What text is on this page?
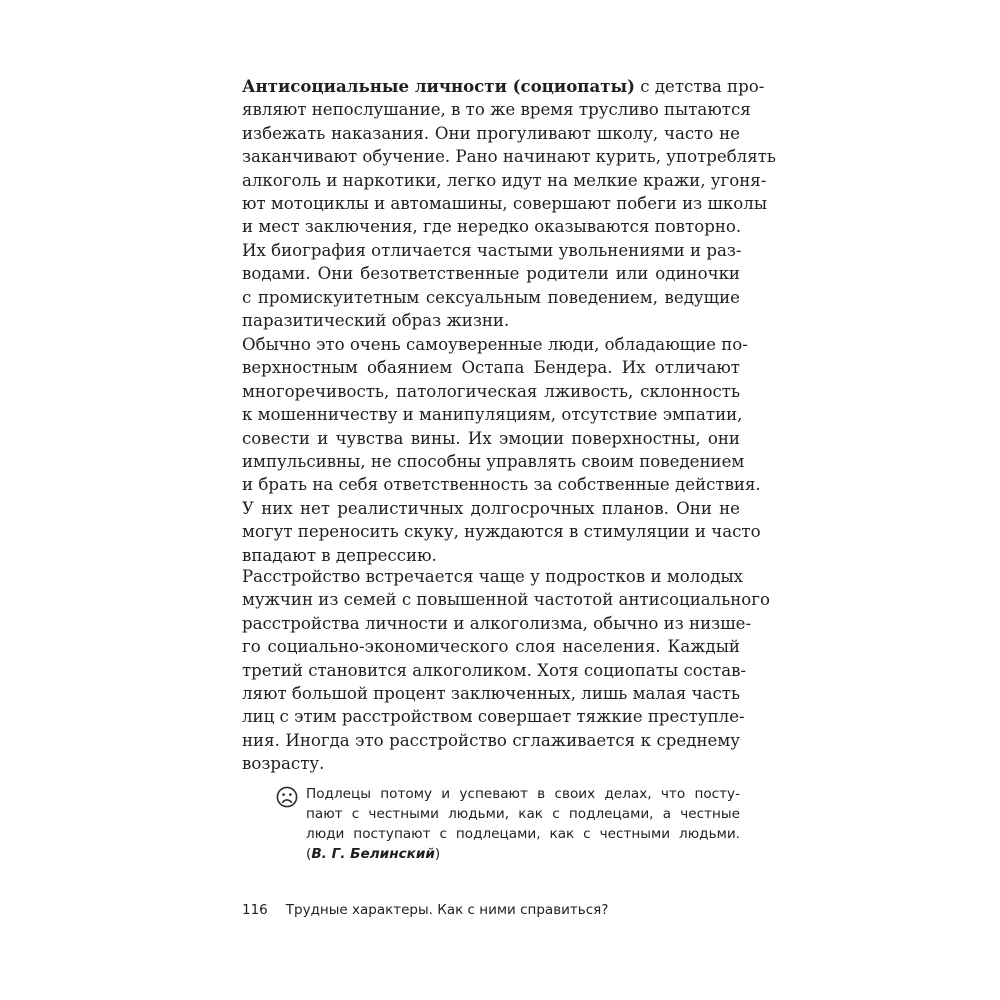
Антисоциальные личности (социопаты) с детства про-
являют непослушание, в то же время трусливо пытаются
избежать наказания. Они прогуливают школу, часто не
заканчивают обучение. Рано начинают курить, употреблять
алкоголь и наркотики, легко идут на мелкие кражи, угоня-
ют мотоциклы и автомашины, совершают побеги из школы
и мест заключения, где нередко оказываются повторно.
Их биография отличается частыми увольнениями и раз-
водами. Они безответственные родители или одиночки
с промискуитетным сексуальным поведением, ведущие
паразитический образ жизни.
Обычно это очень самоуверенные люди, обладающие по-
верхностным обаянием Остапа Бендера. Их отличают
многоречивость, патологическая лживость, склонность
к мошенничеству и манипуляциям, отсутствие эмпатии,
совести и чувства вины. Их эмоции поверхностны, они
импульсивны, не способны управлять своим поведением
и брать на себя ответственность за собственные действия.
У них нет реалистичных долгосрочных планов. Они не
могут переносить скуку, нуждаются в стимуляции и часто
впадают в депрессию.
Расстройство встречается чаще у подростков и молодых
мужчин из семей с повышенной частотой антисоциального
расстройства личности и алкоголизма, обычно из низше-
го социально-экономического слоя населения. Каждый
третий становится алкоголиком. Хотя социопаты состав-
ляют большой процент заключенных, лишь малая часть
лиц с этим расстройством совершает тяжкие преступле-
ния. Иногда это расстройство сглаживается к среднему
возрасту.
Подлецы потому и успевают в своих делах, что посту-
пают с честными людьми, как с подлецами, а честные
люди поступают с подлецами, как с честными людьми.
(В. Г. Белинский)
116 Трудные характеры. Как с ними справиться?
